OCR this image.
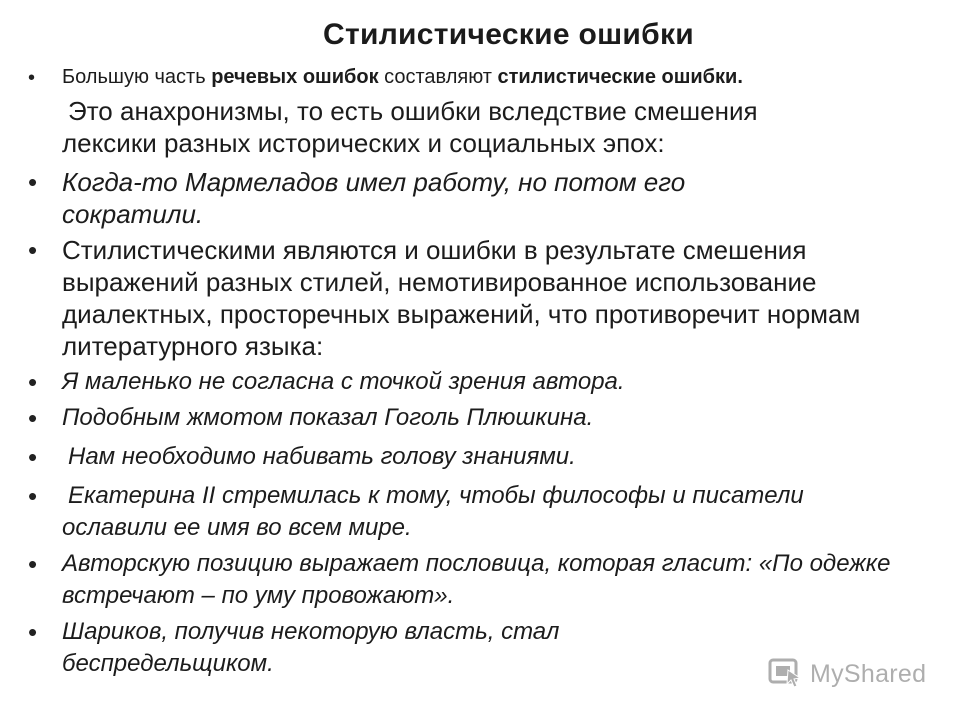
Стилистические ошибки
• Большую часть речевых ошибок составляют стилистические ошибки.
Это анахронизмы, то есть ошибки вследствие смешения лексики разных исторических и социальных эпох:
• Когда-то Мармеладов имел работу, но потом его сократили.
• Стилистическими являются и ошибки в результате смешения выражений разных стилей, немотивированное использование диалектных, просторечных выражений, что противоречит нормам литературного языка:
• Я маленько не согласна с точкой зрения автора.
• Подобным жмотом показал Гоголь Плюшкина.
• Нам необходимо набивать голову знаниями.
• Екатерина II стремилась к тому, чтобы философы и писатели ославили ее имя во всем мире.
• Авторскую позицию выражает пословица, которая гласит: «По одежке встречают – по уму провожают».
• Шариков, получив некоторую власть, стал беспредельщиком.	MyShared
